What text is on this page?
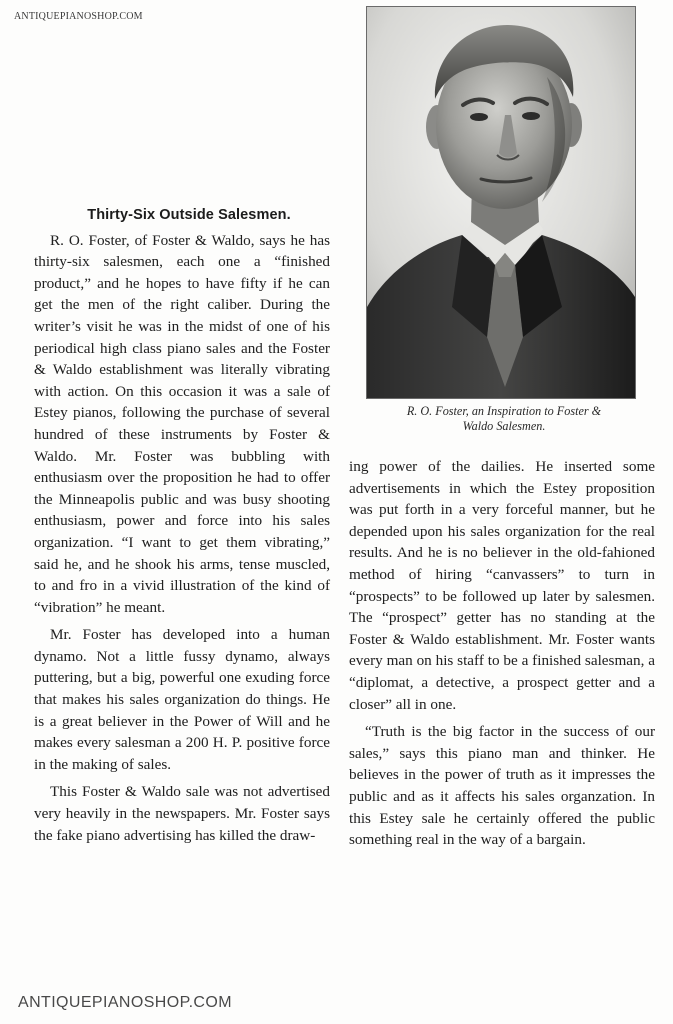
ANTIQUEPIANOSHOP.COM
R. O. Foster, an Inspiration to Foster &
Waldo Salesmen.
Thirty-Six Outside Salesmen.

R. O. Foster, of Foster & Waldo, says he has thirty-six salesmen, each one a “finished product,” and he hopes to have fifty if he can get the men of the right caliber. During the writer’s visit he was in the midst of one of his periodical high class piano sales and the Foster & Waldo establishment was literally vibrating with action. On this occasion it was a sale of Estey pianos, following the purchase of several hundred of these instruments by Foster & Waldo. Mr. Foster was bubbling with enthusiasm over the proposition he had to offer the Minneapolis public and was busy shooting enthusiasm, power and force into his sales organization. “I want to get them vibrating,” said he, and he shook his arms, tense muscled, to and fro in a vivid illustration of the kind of “vibration” he meant.

Mr. Foster has developed into a human dynamo. Not a little fussy dynamo, always puttering, but a big, powerful one exuding force that makes his sales organization do things. He is a great believer in the Power of Will and he makes every salesman a 200 H. P. positive force in the making of sales.

This Foster & Waldo sale was not advertised very heavily in the newspapers. Mr. Foster says the fake piano advertising has killed the draw-

ing power of the dailies. He inserted some advertisements in which the Estey proposition was put forth in a very forceful manner, but he depended upon his sales organization for the real results. And he is no believer in the old-fahioned method of hiring “canvassers” to turn in “prospects” to be followed up later by salesmen. The “prospect” getter has no standing at the Foster & Waldo establishment. Mr. Foster wants every man on his staff to be a finished salesman, a “diplomat, a detective, a prospect getter and a closer” all in one.

“Truth is the big factor in the success of our sales,” says this piano man and thinker. He believes in the power of truth as it impresses the public and as it affects his sales organzation. In this Estey sale he certainly offered the public something real in the way of a bargain.

ANTIQUEPIANOSHOP.COM
